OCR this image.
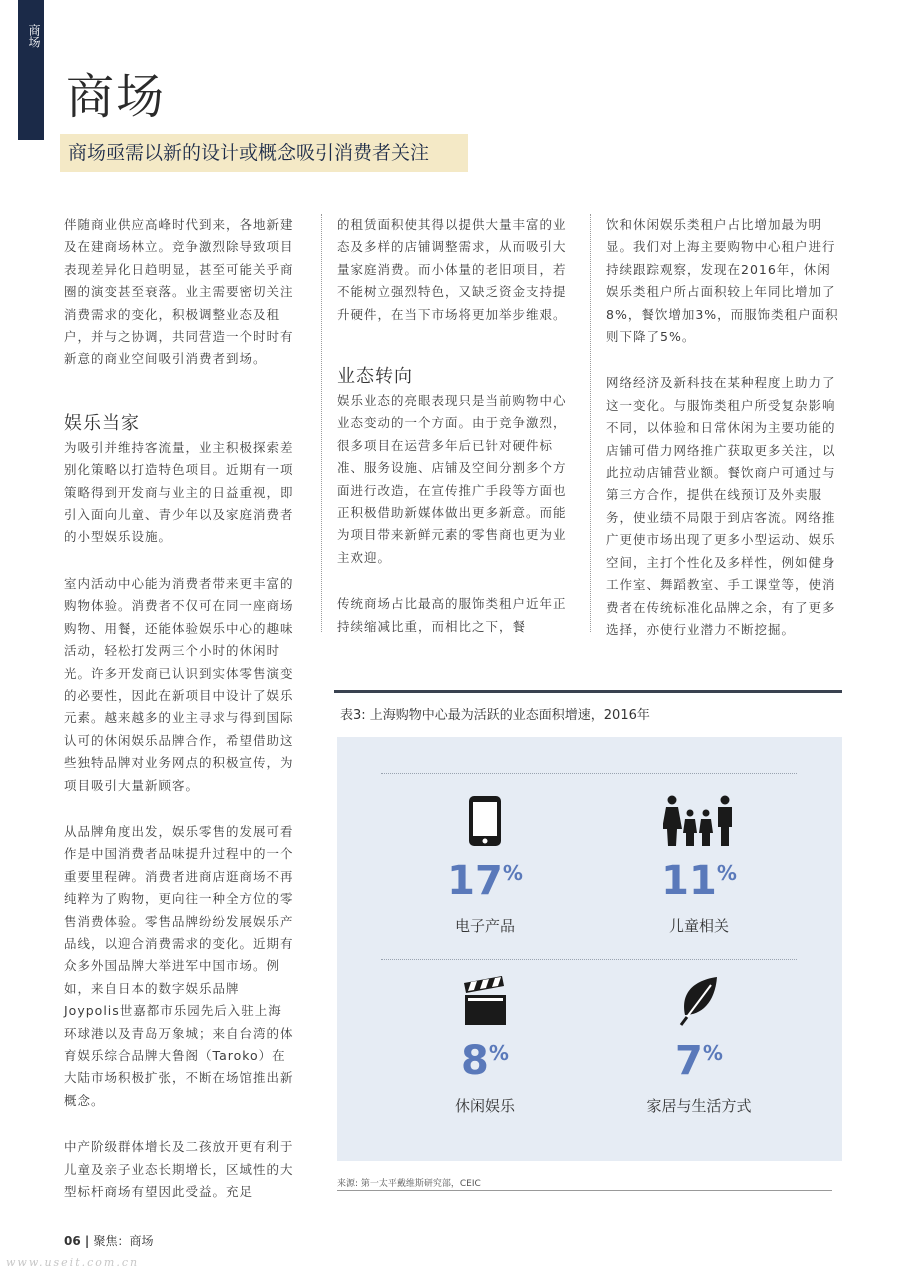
商场
商场
商场亟需以新的设计或概念吸引消费者关注

伴随商业供应高峰时代到来，各地新建及在建商场林立。竞争激烈除导致项目表现差异化日趋明显，甚至可能关乎商圈的演变甚至衰落。业主需要密切关注消费需求的变化，积极调整业态及租户，并与之协调，共同营造一个时时有新意的商业空间吸引消费者到场。

娱乐当家

为吸引并维持客流量，业主积极探索差别化策略以打造特色项目。近期有一项策略得到开发商与业主的日益重视，即引入面向儿童、青少年以及家庭消费者的小型娱乐设施。

室内活动中心能为消费者带来更丰富的购物体验。消费者不仅可在同一座商场购物、用餐，还能体验娱乐中心的趣味活动，轻松打发两三个小时的休闲时光。许多开发商已认识到实体零售演变的必要性，因此在新项目中设计了娱乐元素。越来越多的业主寻求与得到国际认可的休闲娱乐品牌合作，希望借助这些独特品牌对业务网点的积极宣传，为项目吸引大量新顾客。

从品牌角度出发，娱乐零售的发展可看作是中国消费者品味提升过程中的一个重要里程碑。消费者进商店逛商场不再纯粹为了购物，更向往一种全方位的零售消费体验。零售品牌纷纷发展娱乐产品线，以迎合消费需求的变化。近期有众多外国品牌大举进军中国市场。例如，来自日本的数字娱乐品牌Joypolis世嘉都市乐园先后入驻上海环球港以及青岛万象城；来自台湾的体育娱乐综合品牌大鲁阁（Taroko）在大陆市场积极扩张，不断在场馆推出新概念。

中产阶级群体增长及二孩放开更有利于儿童及亲子业态长期增长，区域性的大型标杆商场有望因此受益。充足

的租赁面积使其得以提供大量丰富的业态及多样的店铺调整需求，从而吸引大量家庭消费。而小体量的老旧项目，若不能树立强烈特色，又缺乏资金支持提升硬件，在当下市场将更加举步维艰。

业态转向

娱乐业态的亮眼表现只是当前购物中心业态变动的一个方面。由于竞争激烈，很多项目在运营多年后已针对硬件标准、服务设施、店铺及空间分割多个方面进行改造，在宣传推广手段等方面也正积极借助新媒体做出更多新意。而能为项目带来新鲜元素的零售商也更为业主欢迎。

传统商场占比最高的服饰类租户近年正持续缩减比重，而相比之下，餐

饮和休闲娱乐类租户占比增加最为明显。我们对上海主要购物中心租户进行持续跟踪观察，发现在2016年，休闲娱乐类租户所占面积较上年同比增加了8%，餐饮增加3%，而服饰类租户面积则下降了5%。

网络经济及新科技在某种程度上助力了这一变化。与服饰类租户所受复杂影响不同，以体验和日常休闲为主要功能的店铺可借力网络推广获取更多关注，以此拉动店铺营业额。餐饮商户可通过与第三方合作，提供在线预订及外卖服务，使业绩不局限于到店客流。网络推广更使市场出现了更多小型运动、娱乐空间，主打个性化及多样性，例如健身工作室、舞蹈教室、手工课堂等，使消费者在传统标准化品牌之余，有了更多选择，亦使行业潜力不断挖掘。

表3: 上海购物中心最为活跃的业态面积增速，2016年
17%
电子产品
11%
儿童相关
8%
休闲娱乐
7%
家居与生活方式
来源: 第一太平戴维斯研究部，CEIC
06 | 聚焦：商场
www.useit.com.cn
